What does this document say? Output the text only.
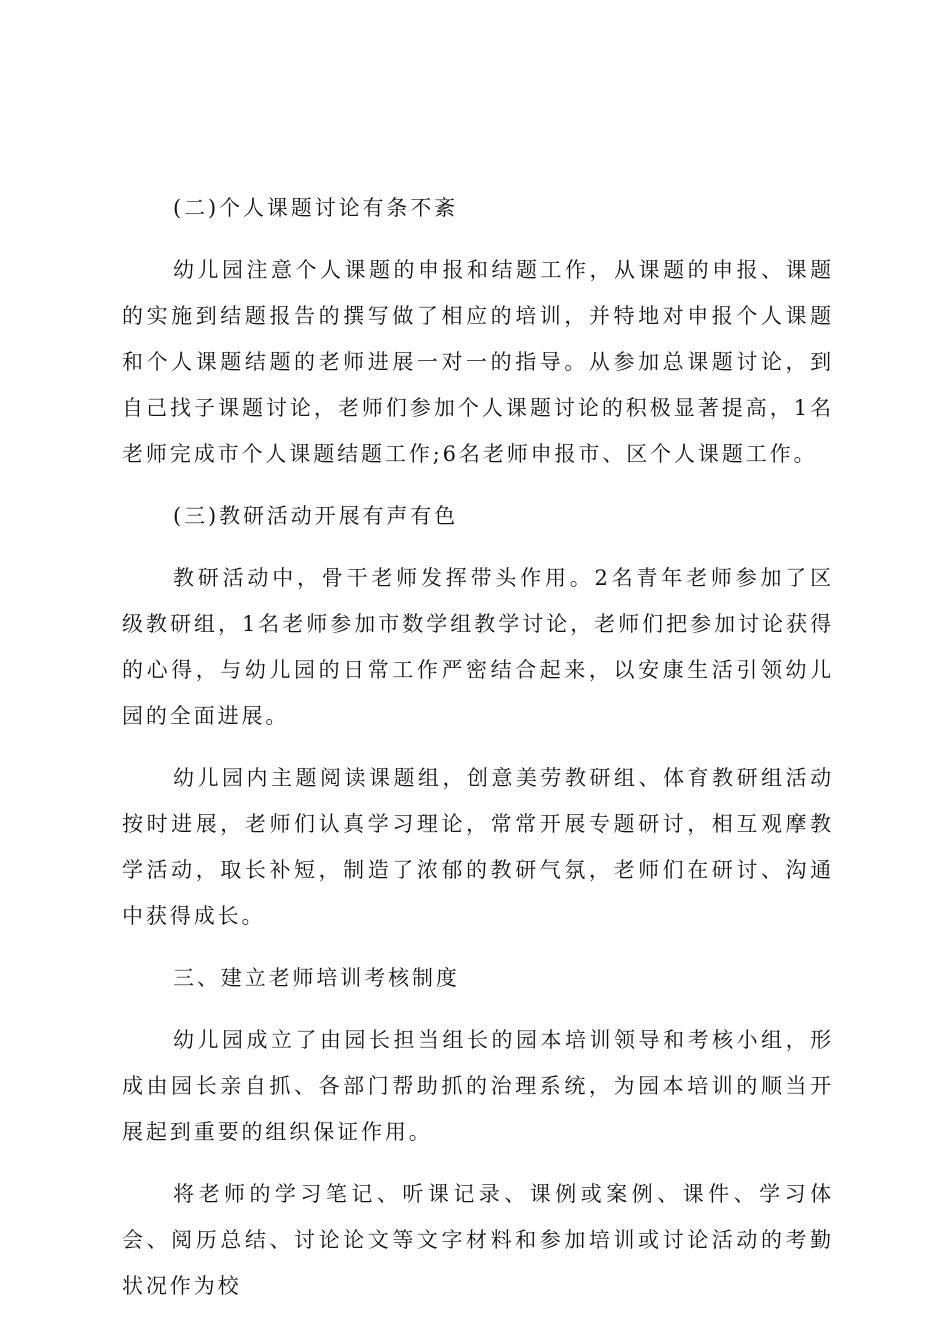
(二)个人课题讨论有条不紊

幼儿园注意个人课题的申报和结题工作，从课题的申报、课题的实施到结题报告的撰写做了相应的培训，并特地对申报个人课题和个人课题结题的老师进展一对一的指导。从参加总课题讨论，到自己找子课题讨论，老师们参加个人课题讨论的积极显著提高，1名老师完成市个人课题结题工作;6名老师申报市、区个人课题工作。

(三)教研活动开展有声有色

教研活动中，骨干老师发挥带头作用。2名青年老师参加了区级教研组，1名老师参加市数学组教学讨论，老师们把参加讨论获得的心得，与幼儿园的日常工作严密结合起来，以安康生活引领幼儿园的全面进展。

幼儿园内主题阅读课题组，创意美劳教研组、体育教研组活动按时进展，老师们认真学习理论，常常开展专题研讨，相互观摩教学活动，取长补短，制造了浓郁的教研气氛，老师们在研讨、沟通中获得成长。

三、建立老师培训考核制度

幼儿园成立了由园长担当组长的园本培训领导和考核小组，形成由园长亲自抓、各部门帮助抓的治理系统，为园本培训的顺当开展起到重要的组织保证作用。

将老师的学习笔记、听课记录、课例或案例、课件、学习体会、阅历总结、讨论论文等文字材料和参加培训或讨论活动的考勤状况作为校
